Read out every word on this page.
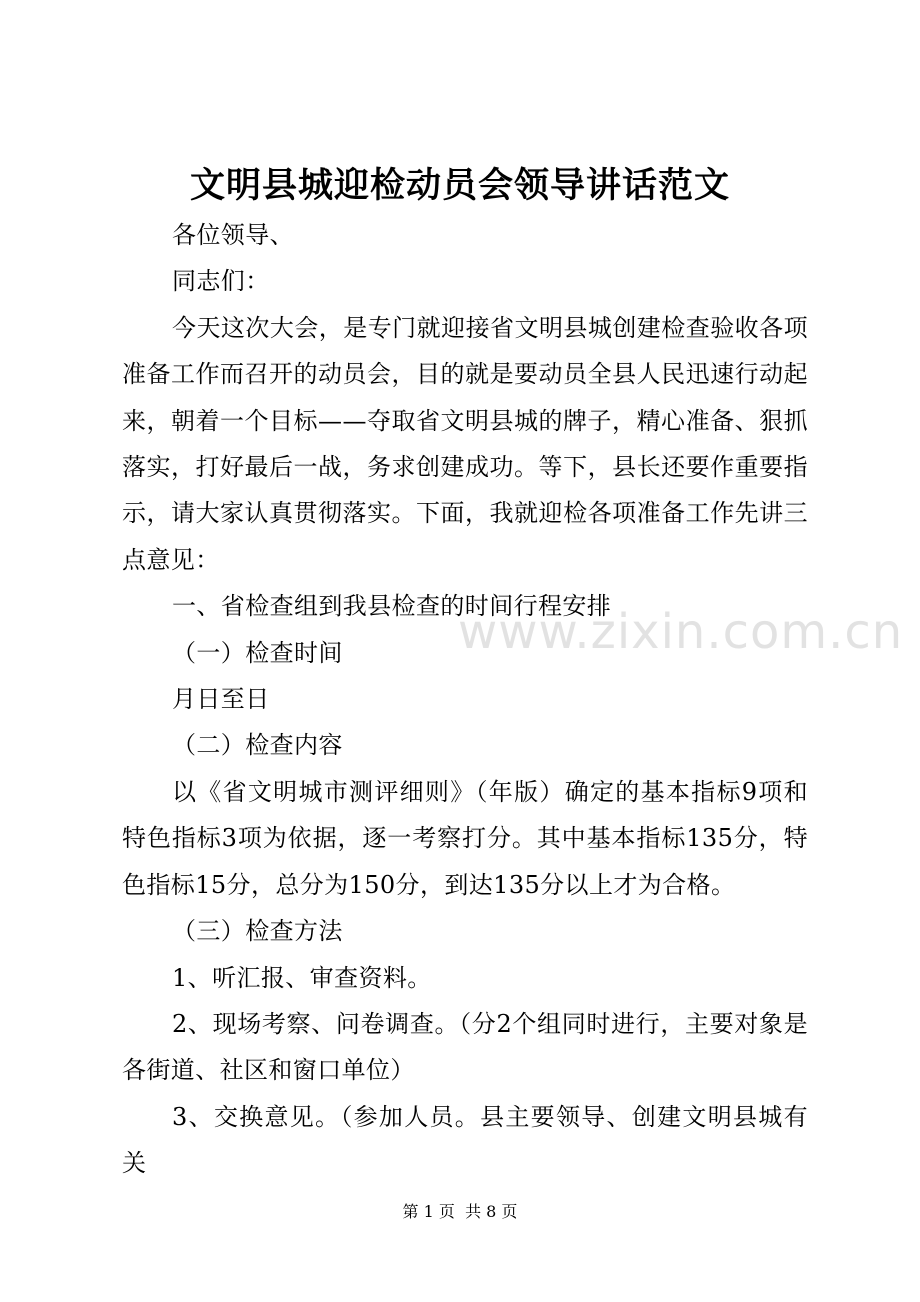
文明县城迎检动员会领导讲话范文

各位领导、

同志们：

今天这次大会，是专门就迎接省文明县城创建检查验收各项准备工作而召开的动员会，目的就是要动员全县人民迅速行动起来，朝着一个目标——夺取省文明县城的牌子，精心准备、狠抓落实，打好最后一战，务求创建成功。等下，县长还要作重要指示，请大家认真贯彻落实。下面，我就迎检各项准备工作先讲三点意见：

一、省检查组到我县检查的时间行程安排

（一）检查时间

月日至日

（二）检查内容

以《省文明城市测评细则》（年版）确定的基本指标9项和特色指标3项为依据，逐一考察打分。其中基本指标135分，特色指标15分，总分为150分，到达135分以上才为合格。

（三）检查方法

1、听汇报、审查资料。

2、现场考察、问卷调查。（分2个组同时进行，主要对象是各街道、社区和窗口单位）

3、交换意见。（参加人员。县主要领导、创建文明县城有关

www.zixin.com.cn
第 1 页  共 8 页
